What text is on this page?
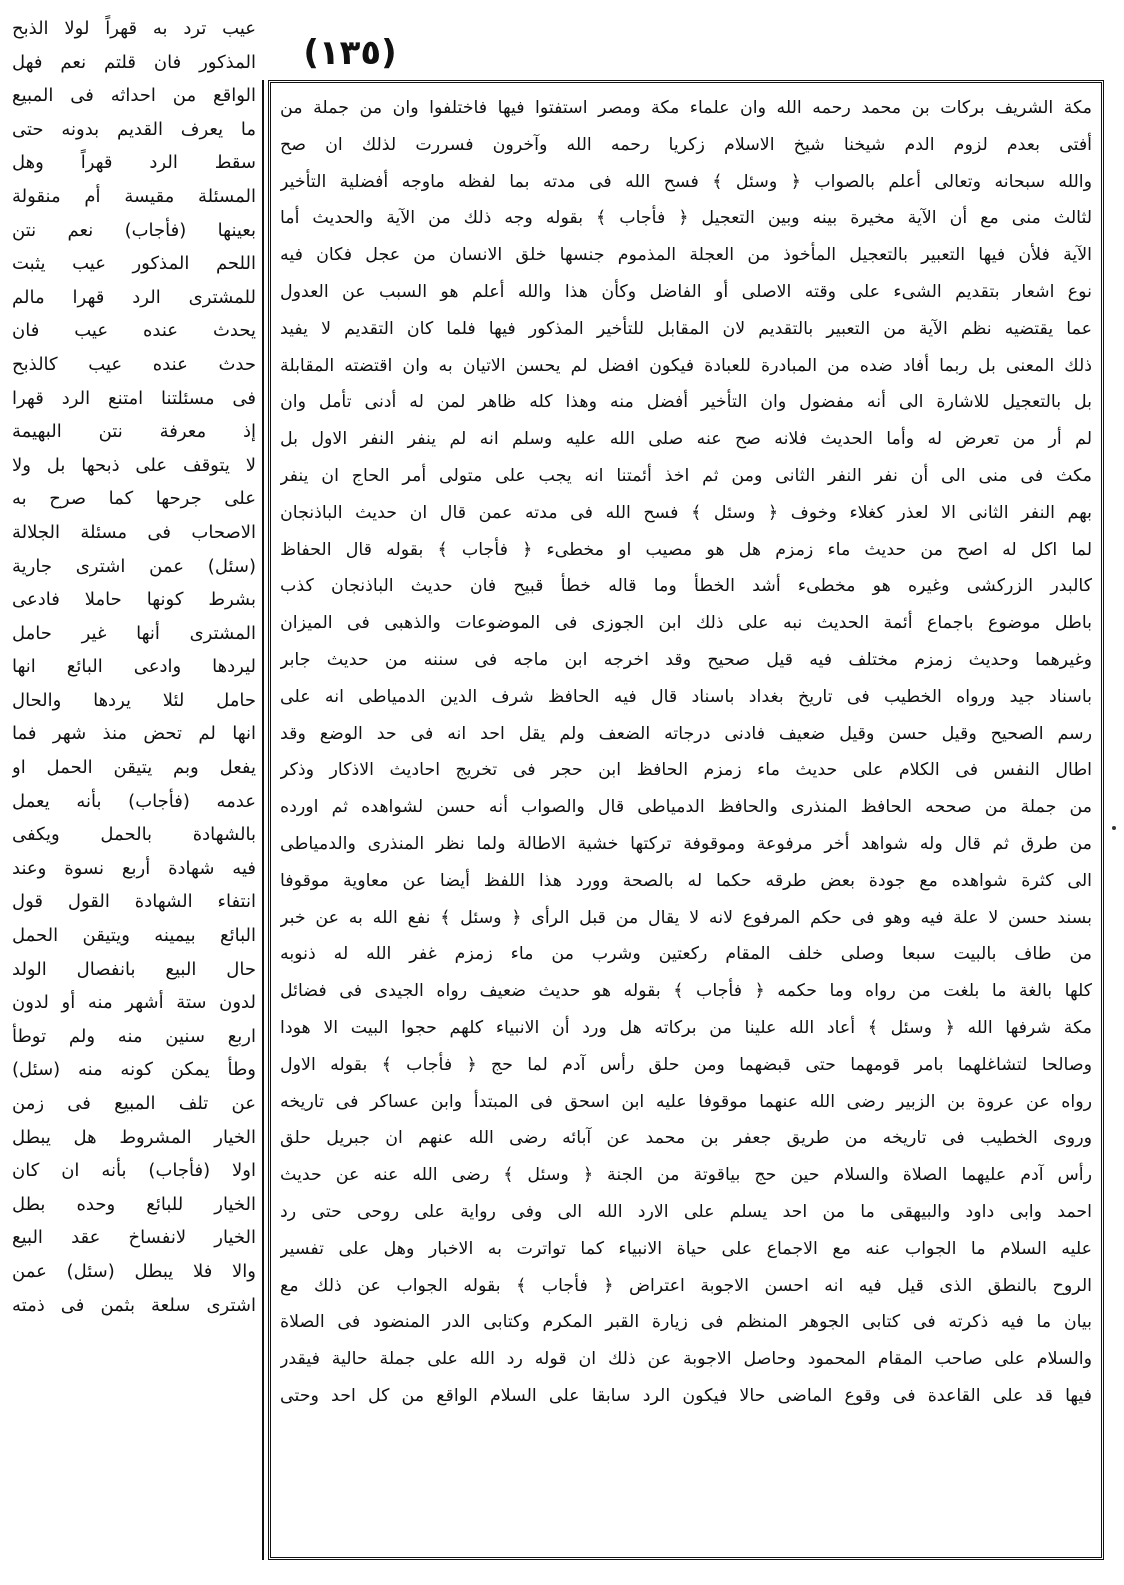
(١٣٥)
عيب ترد به قهراً لولا الذبح
المذكور فان قلتم نعم فهل
الواقع من احداثه فى المبيع
ما يعرف القديم بدونه حتى
سقط الرد قهراً وهل
المسئلة مقيسة أم منقولة
بعينها (فأجاب) نعم نتن
اللحم المذكور عيب يثبت
للمشترى الرد قهرا مالم
يحدث عنده عيب فان
حدث عنده عيب كالذبح
فى مسئلتنا امتنع الرد قهرا
إذ معرفة نتن البهيمة
لا يتوقف على ذبحها بل ولا
على جرحها كما صرح به
الاصحاب فى مسئلة الجلالة
(سئل) عمن اشترى جارية
بشرط كونها حاملا فادعى
المشترى أنها غير حامل
ليردها وادعى البائع انها
حامل لئلا يردها والحال
انها لم تحض منذ شهر فما
يفعل وبم يتيقن الحمل او
عدمه (فأجاب) بأنه يعمل
بالشهادة بالحمل ويكفى
فيه شهادة أربع نسوة وعند
انتفاء الشهادة القول قول
البائع بيمينه ويتيقن الحمل
حال البيع بانفصال الولد
لدون ستة أشهر منه أو لدون
اربع سنين منه ولم توطأ
وطأ يمكن كونه منه (سئل)
عن تلف المبيع فى زمن
الخيار المشروط هل يبطل
اولا (فأجاب) بأنه ان كان
الخيار للبائع وحده بطل
الخيار لانفساخ عقد البيع
والا فلا يبطل (سئل) عمن
اشترى سلعة بثمن فى ذمته
مكة الشريف بركات بن محمد رحمه الله وان علماء مكة ومصر استفتوا فيها فاختلفوا وان من جملة من
أفتى بعدم لزوم الدم شيخنا شيخ الاسلام زكريا رحمه الله وآخرون فسررت لذلك ان صح
والله سبحانه وتعالى أعلم بالصواب ﴿ وسئل ﴾ فسح الله فى مدته بما لفظه ماوجه أفضلية التأخير
لثالث منى مع أن الآية مخيرة بينه وبين التعجيل ﴿ فأجاب ﴾ بقوله وجه ذلك من الآية والحديث أما
الآية فلأن فيها التعبير بالتعجيل المأخوذ من العجلة المذموم جنسها خلق الانسان من عجل فكان فيه
نوع اشعار بتقديم الشىء على وقته الاصلى أو الفاضل وكأن هذا والله أعلم هو السبب عن العدول
عما يقتضيه نظم الآية من التعبير بالتقديم لان المقابل للتأخير المذكور فيها فلما كان التقديم لا يفيد
ذلك المعنى بل ربما أفاد ضده من المبادرة للعبادة فيكون افضل لم يحسن الاتيان به وان اقتضته المقابلة
بل بالتعجيل للاشارة الى أنه مفضول وان التأخير أفضل منه وهذا كله ظاهر لمن له أدنى تأمل وان
لم أر من تعرض له وأما الحديث فلانه صح عنه صلى الله عليه وسلم انه لم ينفر النفر الاول بل
مكث فى منى الى أن نفر النفر الثانى ومن ثم اخذ أئمتنا انه يجب على متولى أمر الحاج ان ينفر
بهم النفر الثانى الا لعذر كغلاء وخوف ﴿ وسئل ﴾ فسح الله فى مدته عمن قال ان حديث الباذنجان
لما اكل له اصح من حديث ماء زمزم هل هو مصيب او مخطىء ﴿ فأجاب ﴾ بقوله قال الحفاظ
كالبدر الزركشى وغيره هو مخطىء أشد الخطأ وما قاله خطأ قبيح فان حديث الباذنجان كذب
باطل موضوع باجماع أئمة الحديث نبه على ذلك ابن الجوزى فى الموضوعات والذهبى فى الميزان
وغيرهما وحديث زمزم مختلف فيه قيل صحيح وقد اخرجه ابن ماجه فى سننه من حديث جابر
باسناد جيد ورواه الخطيب فى تاريخ بغداد باسناد قال فيه الحافظ شرف الدين الدمياطى انه على
رسم الصحيح وقيل حسن وقيل ضعيف فادنى درجاته الضعف ولم يقل احد انه فى حد الوضع وقد
اطال النفس فى الكلام على حديث ماء زمزم الحافظ ابن حجر فى تخريج احاديث الاذكار وذكر
من جملة من صححه الحافظ المنذرى والحافظ الدمياطى قال والصواب أنه حسن لشواهده ثم اورده
من طرق ثم قال وله شواهد أخر مرفوعة وموقوفة تركتها خشية الاطالة ولما نظر المنذرى والدمياطى
الى كثرة شواهده مع جودة بعض طرقه حكما له بالصحة وورد هذا اللفظ أيضا عن معاوية موقوفا
بسند حسن لا علة فيه وهو فى حكم المرفوع لانه لا يقال من قبل الرأى ﴿ وسئل ﴾ نفع الله به عن خبر
من طاف بالبيت سبعا وصلى خلف المقام ركعتين وشرب من ماء زمزم غفر الله له ذنوبه
كلها بالغة ما بلغت من رواه وما حكمه ﴿ فأجاب ﴾ بقوله هو حديث ضعيف رواه الجيدى فى فضائل
مكة شرفها الله ﴿ وسئل ﴾ أعاد الله علينا من بركاته هل ورد أن الانبياء كلهم حجوا البيت الا هودا
وصالحا لتشاغلهما بامر قومهما حتى قبضهما ومن حلق رأس آدم لما حج ﴿ فأجاب ﴾ بقوله الاول
رواه عن عروة بن الزبير رضى الله عنهما موقوفا عليه ابن اسحق فى المبتدأ وابن عساكر فى تاريخه
وروى الخطيب فى تاريخه من طريق جعفر بن محمد عن آبائه رضى الله عنهم ان جبريل حلق
رأس آدم عليهما الصلاة والسلام حين حج بياقوتة من الجنة ﴿ وسئل ﴾ رضى الله عنه عن حديث
احمد وابى داود والبيهقى ما من احد يسلم على الارد الله الى وفى رواية على روحى حتى رد
عليه السلام ما الجواب عنه مع الاجماع على حياة الانبياء كما تواترت به الاخبار وهل على تفسير
الروح بالنطق الذى قيل فيه انه احسن الاجوبة اعتراض ﴿ فأجاب ﴾ بقوله الجواب عن ذلك مع
بيان ما فيه ذكرته فى كتابى الجوهر المنظم فى زيارة القبر المكرم وكتابى الدر المنضود فى الصلاة
والسلام على صاحب المقام المحمود وحاصل الاجوبة عن ذلك ان قوله رد الله على جملة حالية فيقدر
فيها قد على القاعدة فى وقوع الماضى حالا فيكون الرد سابقا على السلام الواقع من كل احد وحتى
